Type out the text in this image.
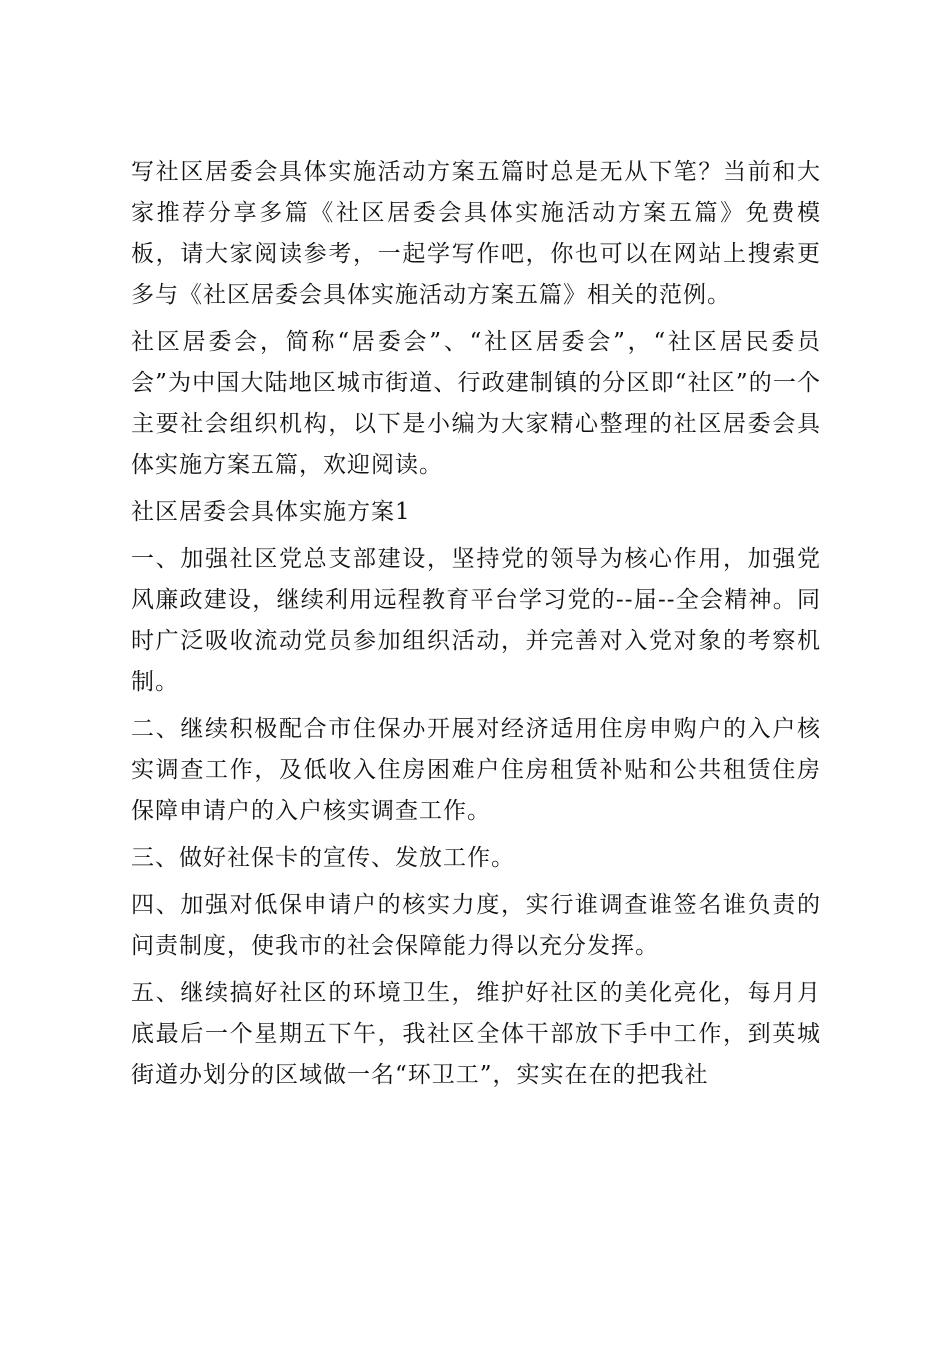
写社区居委会具体实施活动方案五篇时总是无从下笔？当前和大家推荐分享多篇《社区居委会具体实施活动方案五篇》免费模板，请大家阅读参考，一起学写作吧，你也可以在网站上搜索更多与《社区居委会具体实施活动方案五篇》相关的范例。

社区居委会，简称“居委会”、“社区居委会”，“社区居民委员会”为中国大陆地区城市街道、行政建制镇的分区即“社区”的一个主要社会组织机构，以下是小编为大家精心整理的社区居委会具体实施方案五篇，欢迎阅读。

社区居委会具体实施方案1

一、加强社区党总支部建设，坚持党的领导为核心作用，加强党风廉政建设，继续利用远程教育平台学习党的--届--全会精神。同时广泛吸收流动党员参加组织活动，并完善对入党对象的考察机制。

二、继续积极配合市住保办开展对经济适用住房申购户的入户核实调查工作，及低收入住房困难户住房租赁补贴和公共租赁住房保障申请户的入户核实调查工作。

三、做好社保卡的宣传、发放工作。

四、加强对低保申请户的核实力度，实行谁调查谁签名谁负责的问责制度，使我市的社会保障能力得以充分发挥。

五、继续搞好社区的环境卫生，维护好社区的美化亮化，每月月底最后一个星期五下午，我社区全体干部放下手中工作，到英城街道办划分的区域做一名“环卫工”，实实在在的把我社
